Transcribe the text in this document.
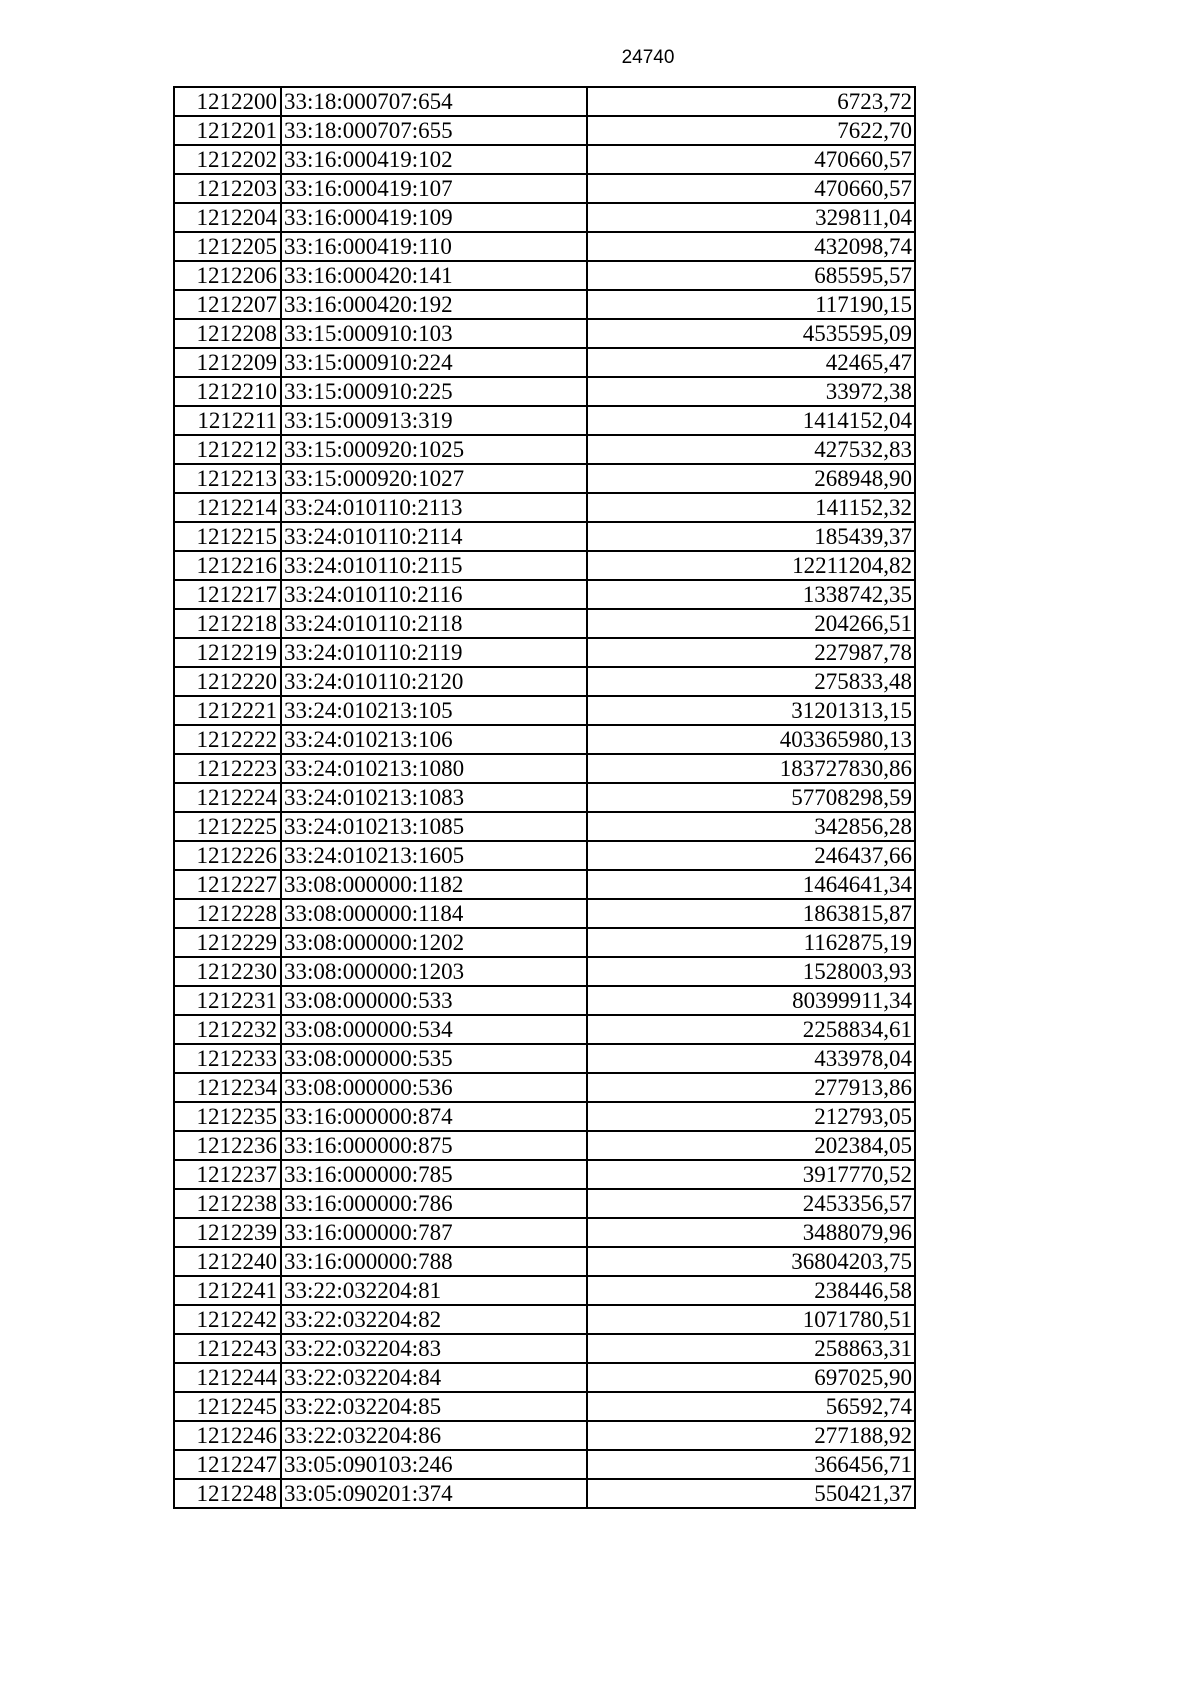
24740
1212200	33:18:000707:654	6723,72
1212201	33:18:000707:655	7622,70
1212202	33:16:000419:102	470660,57
1212203	33:16:000419:107	470660,57
1212204	33:16:000419:109	329811,04
1212205	33:16:000419:110	432098,74
1212206	33:16:000420:141	685595,57
1212207	33:16:000420:192	117190,15
1212208	33:15:000910:103	4535595,09
1212209	33:15:000910:224	42465,47
1212210	33:15:000910:225	33972,38
1212211	33:15:000913:319	1414152,04
1212212	33:15:000920:1025	427532,83
1212213	33:15:000920:1027	268948,90
1212214	33:24:010110:2113	141152,32
1212215	33:24:010110:2114	185439,37
1212216	33:24:010110:2115	12211204,82
1212217	33:24:010110:2116	1338742,35
1212218	33:24:010110:2118	204266,51
1212219	33:24:010110:2119	227987,78
1212220	33:24:010110:2120	275833,48
1212221	33:24:010213:105	31201313,15
1212222	33:24:010213:106	403365980,13
1212223	33:24:010213:1080	183727830,86
1212224	33:24:010213:1083	57708298,59
1212225	33:24:010213:1085	342856,28
1212226	33:24:010213:1605	246437,66
1212227	33:08:000000:1182	1464641,34
1212228	33:08:000000:1184	1863815,87
1212229	33:08:000000:1202	1162875,19
1212230	33:08:000000:1203	1528003,93
1212231	33:08:000000:533	80399911,34
1212232	33:08:000000:534	2258834,61
1212233	33:08:000000:535	433978,04
1212234	33:08:000000:536	277913,86
1212235	33:16:000000:874	212793,05
1212236	33:16:000000:875	202384,05
1212237	33:16:000000:785	3917770,52
1212238	33:16:000000:786	2453356,57
1212239	33:16:000000:787	3488079,96
1212240	33:16:000000:788	36804203,75
1212241	33:22:032204:81	238446,58
1212242	33:22:032204:82	1071780,51
1212243	33:22:032204:83	258863,31
1212244	33:22:032204:84	697025,90
1212245	33:22:032204:85	56592,74
1212246	33:22:032204:86	277188,92
1212247	33:05:090103:246	366456,71
1212248	33:05:090201:374	550421,37
